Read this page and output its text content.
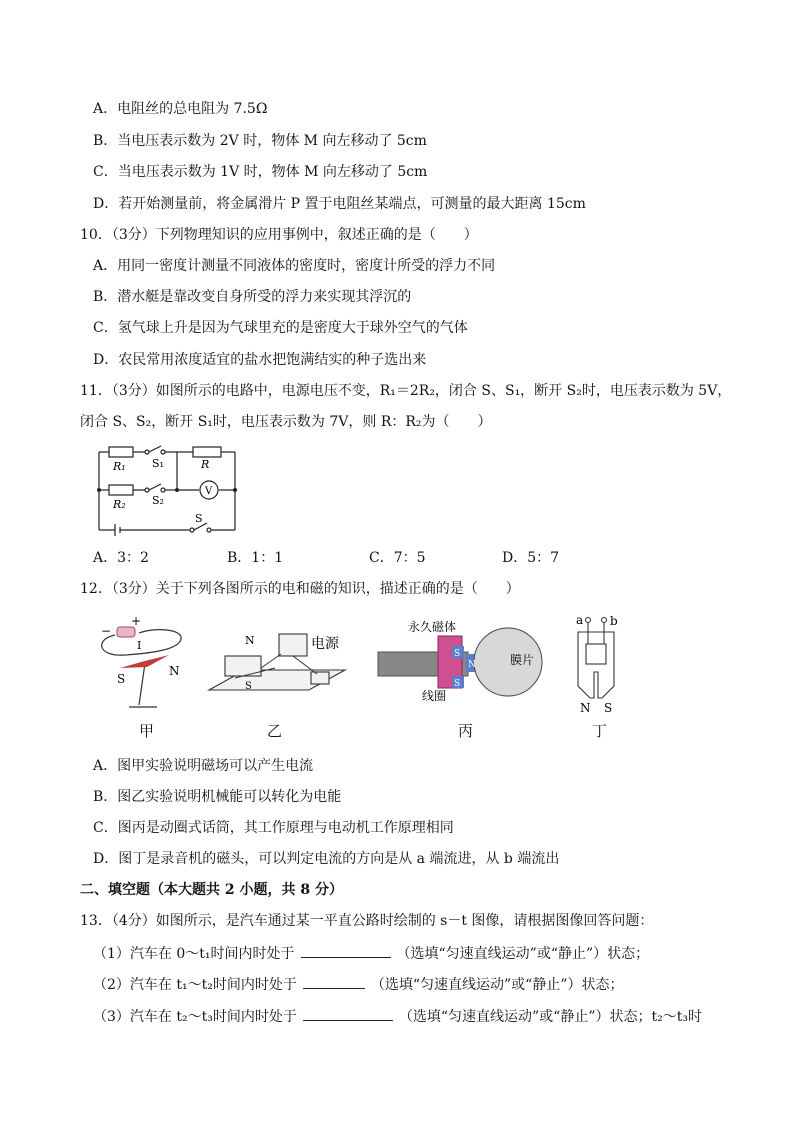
A．电阻丝的总电阻为 7.5Ω
B．当电压表示数为 2V 时，物体 M 向左移动了 5cm
C．当电压表示数为 1V 时，物体 M 向左移动了 5cm
D．若开始测量前，将金属滑片 P 置于电阻丝某端点，可测量的最大距离 15cm
10．（3分）下列物理知识的应用事例中，叙述正确的是（　　）
A．用同一密度计测量不同液体的密度时，密度计所受的浮力不同
B．潜水艇是靠改变自身所受的浮力来实现其浮沉的
C．氢气球上升是因为气球里充的是密度大于球外空气的气体
D．农民常用浓度适宜的盐水把饱满结实的种子选出来
11．（3分）如图所示的电路中，电源电压不变，R₁＝2R₂，闭合 S、S₁，断开 S₂时，电压表示数为 5V，
闭合 S、S₂，断开 S₁时，电压表示数为 7V，则 R：R₂为（　　）
R₁ S₁	R
R₂ S₂
V
S
A．3：2	B．1：1	C．7：5	D．5：7
12．（3分）关于下列各图所示的电和磁的知识，描述正确的是（　　）
−
+
I
S
N
甲
N	电源
S
乙
永久磁体
膜片
线圈
S
N
S
丙
a b
N S
丁
A．图甲实验说明磁场可以产生电流
B．图乙实验说明机械能可以转化为电能
C．图丙是动圈式话筒，其工作原理与电动机工作原理相同
D．图丁是录音机的磁头，可以判定电流的方向是从 a 端流进，从 b 端流出
二、填空题（本大题共 2 小题，共 8 分）
13．（4分）如图所示，是汽车通过某一平直公路时绘制的 s－t 图像，请根据图像回答问题：
（1）汽车在 0～t₁时间内时处于	（选填“匀速直线运动”或“静止”）状态；
（2）汽车在 t₁～t₂时间内时处于	（选填“匀速直线运动”或“静止”）状态；
（3）汽车在 t₂～t₃时间内时处于	（选填“匀速直线运动”或“静止”）状态；t₂～t₃时
